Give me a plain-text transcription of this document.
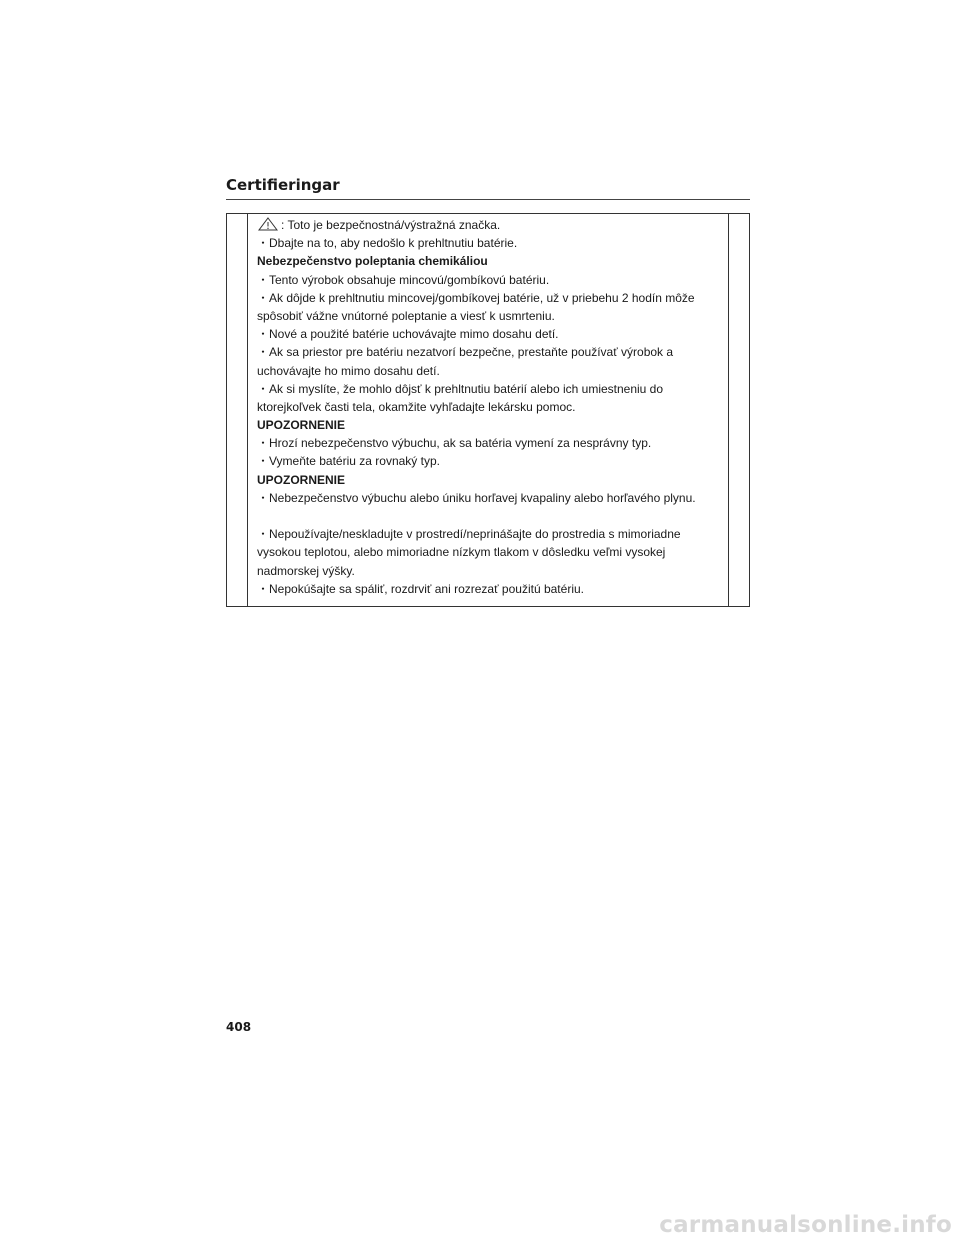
Certifieringar
: Toto je bezpečnostná/výstražná značka.
・Dbajte na to, aby nedošlo k prehltnutiu batérie.
Nebezpečenstvo poleptania chemikáliou
・Tento výrobok obsahuje mincovú/gombíkovú batériu.
・Ak dôjde k prehltnutiu mincovej/gombíkovej batérie, už v priebehu 2 hodín môže
spôsobiť vážne vnútorné poleptanie a viesť k usmrteniu.
・Nové a použité batérie uchovávajte mimo dosahu detí.
・Ak sa priestor pre batériu nezatvorí bezpečne, prestaňte používať výrobok a
uchovávajte ho mimo dosahu detí.
・Ak si myslíte, že mohlo dôjsť k prehltnutiu batérií alebo ich umiestneniu do
ktorejkoľvek časti tela, okamžite vyhľadajte lekársku pomoc.
UPOZORNENIE
・Hrozí nebezpečenstvo výbuchu, ak sa batéria vymení za nesprávny typ.
・Vymeňte batériu za rovnaký typ.
UPOZORNENIE
・Nebezpečenstvo výbuchu alebo úniku horľavej kvapaliny alebo horľavého plynu.
・Nepoužívajte/neskladujte v prostredí/neprinášajte do prostredia s mimoriadne
vysokou teplotou, alebo mimoriadne nízkym tlakom v dôsledku veľmi vysokej
nadmorskej výšky.
・Nepokúšajte sa spáliť, rozdrviť ani rozrezať použitú batériu.
408
carmanualsonline.info
